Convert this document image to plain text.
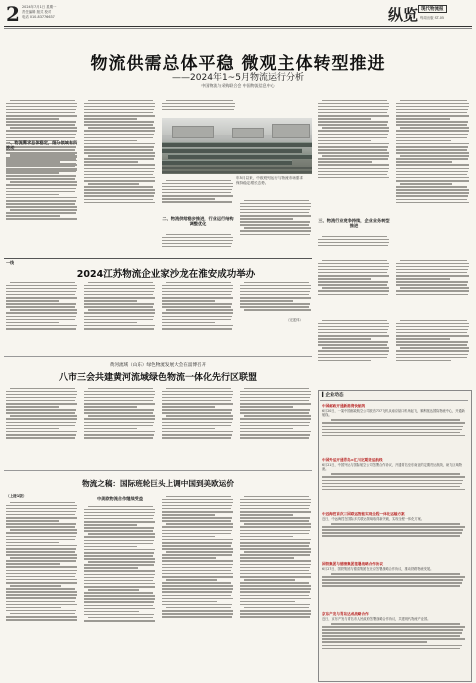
2 2024年7月1日 星期一
责任编辑 版式 校对
电话 010-83776637	纵览 现代物流报
每周出版 ST-05
物流供需总体平稳 微观主体转型推进
——2024年1~5月物流运行分析
中国物流与采购联合会 中国物流信息中心
一、物流需求总体稳定，细分领域有所波动
年5月以来，中欧班列运行与物流市场需求
保持稳定增长态势。
二、物流供给稳步推进，行业运行结构调整优化
三、物流行业竞争持续，企业业务转型推进
一线
2024江苏物流企业家沙龙在淮安成功举办
（完述体）
黄河流域（山东）绿色物流发展大会在淄博召开
八市三会共建黄河流域绿色物流一体化先行区联盟
▍企业动态
中国邮政开通新港湾快航线
6月20日，一架中国邮政航空公司波音737飞机从南京禄口机场起飞，顺利抵达国际物流中心，开通新航线。
中国外运开通青岛=汇川定期货运航线
6月21日，中国外运与国际航空公司签署合作协议，开通青岛至东南亚的定期货运航线，助力区域物流。
中远海控首次三国联运智能实现全程一体化运输方案
近日，中远海控在国际多式联运领域取得新突破，实现全程一体化方案。
国铁集团与德清集团签署战略合作协议
6月27日，国铁集团与德清集团在北京签署战略合作协议，推动铁路物流发展。
京东产发与青岛达成战略合作
近日，京东产发与青岛市人民政府签署战略合作协议，共建现代物流产业园。
物流之稿：国际班轮巨头上调中国到美欧运价
（上接1版）	中美欧物流合作继续受益
